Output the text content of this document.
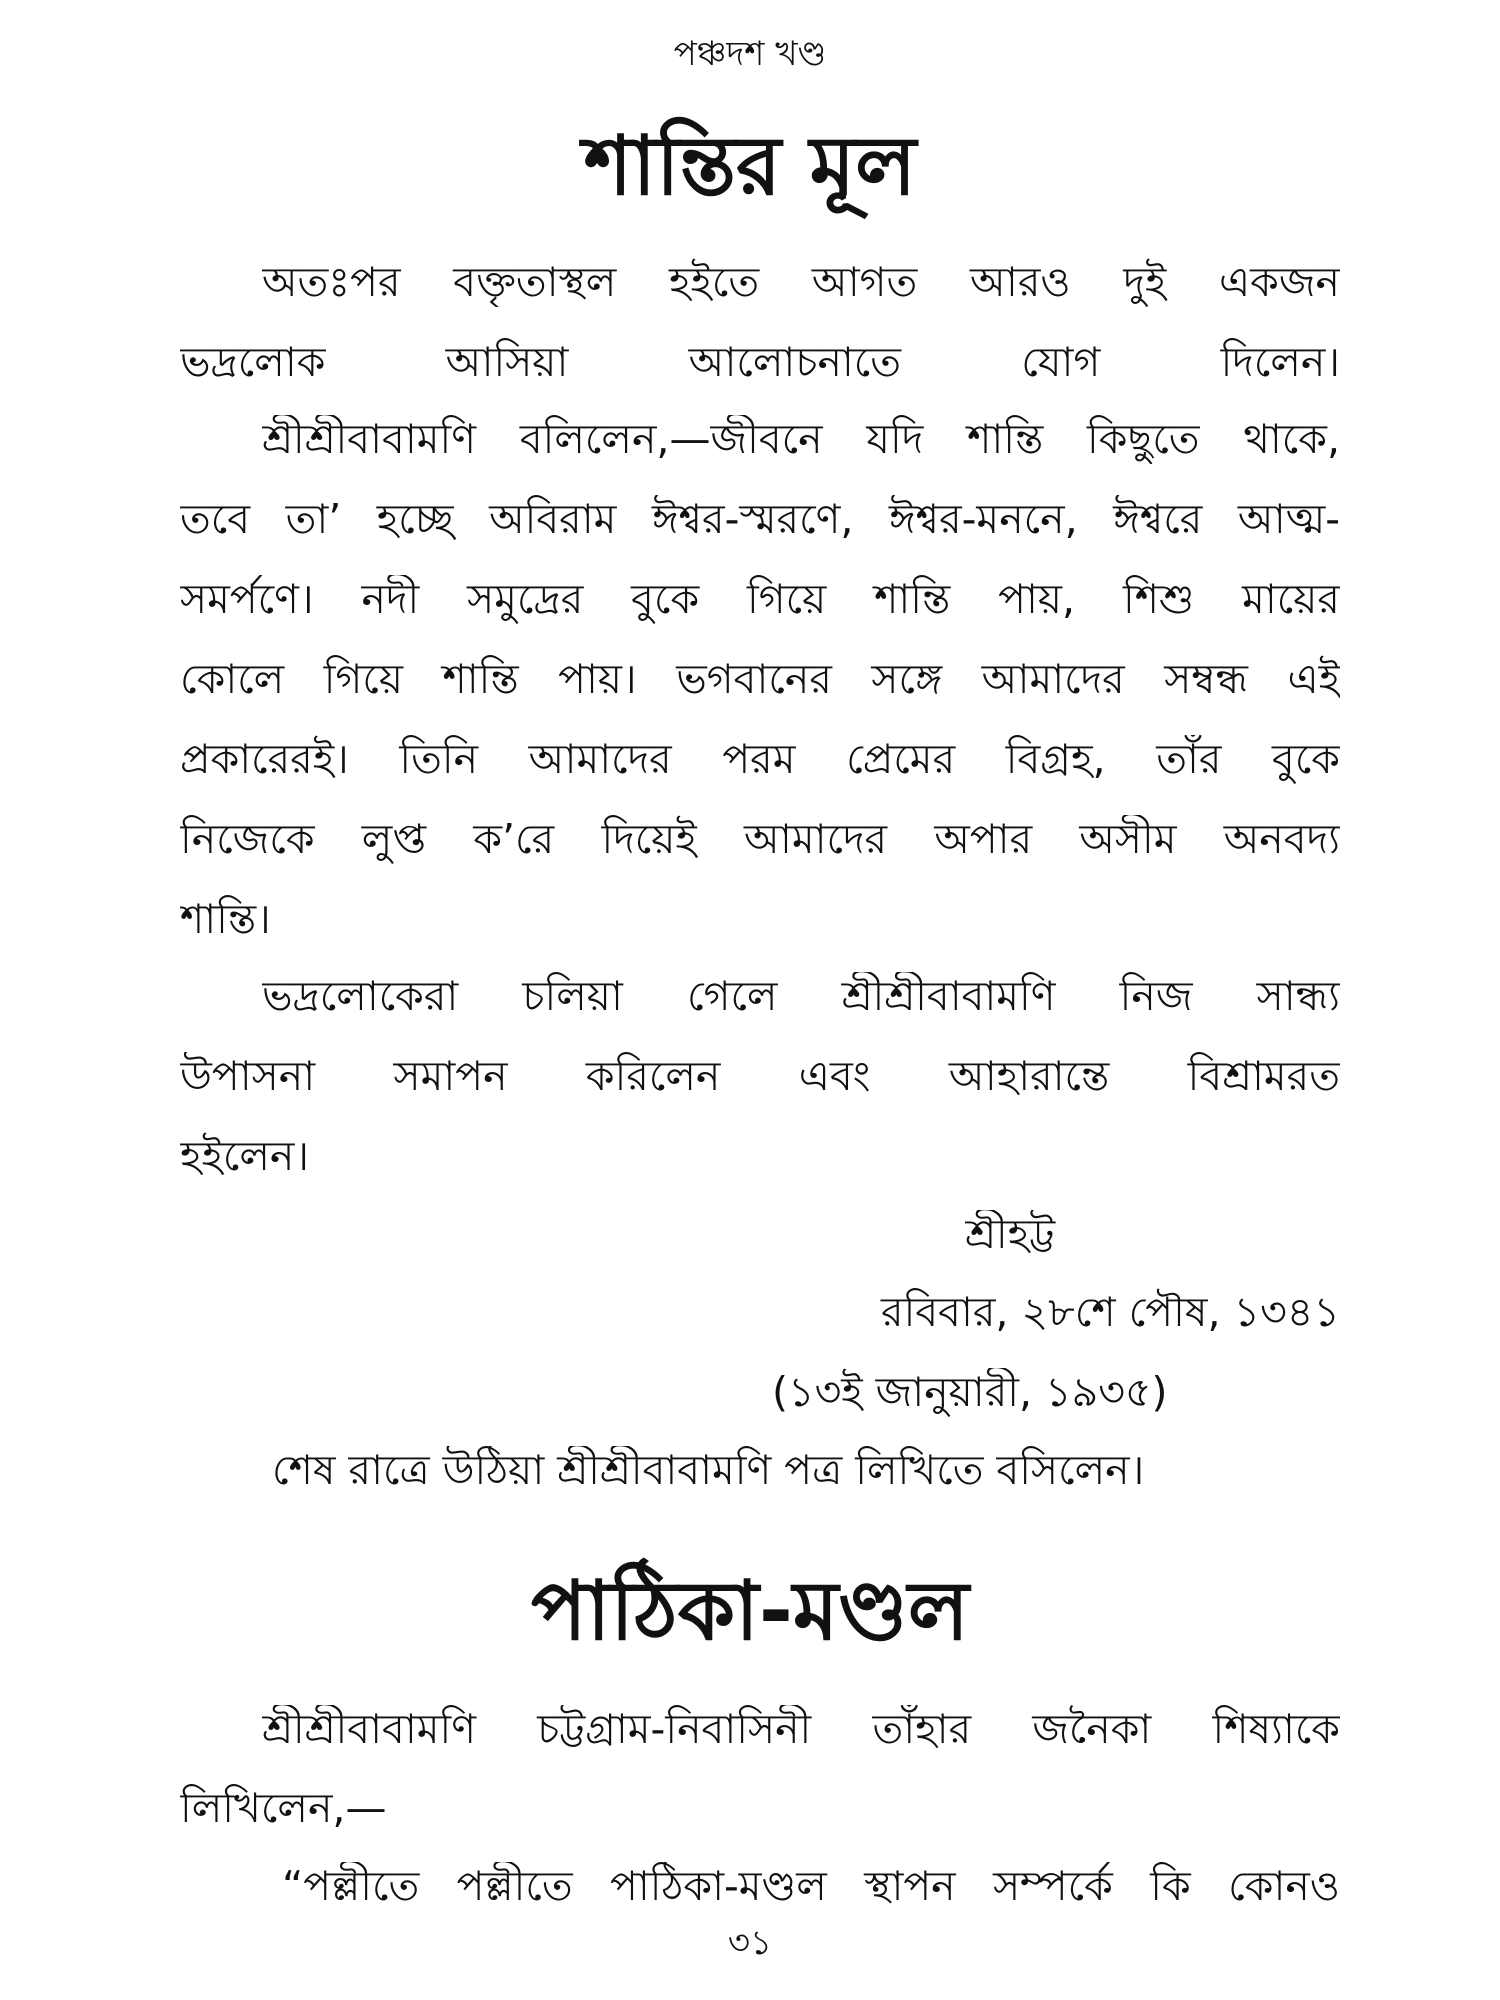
পঞ্চদশ খণ্ড
শান্তির মূল
অতঃপর বক্তৃতাস্থল হইতে আগত আরও দুই একজন
ভদ্রলোক আসিয়া আলোচনাতে যোগ দিলেন।
শ্রীশ্রীবাবামণি বলিলেন,—জীবনে যদি শান্তি কিছুতে থাকে,
তবে তা’ হচ্ছে অবিরাম ঈশ্বর-স্মরণে, ঈশ্বর-মননে, ঈশ্বরে আত্ম-
সমর্পণে। নদী সমুদ্রের বুকে গিয়ে শান্তি পায়, শিশু মায়ের
কোলে গিয়ে শান্তি পায়। ভগবানের সঙ্গে আমাদের সম্বন্ধ এই
প্রকারেরই। তিনি আমাদের পরম প্রেমের বিগ্রহ, তাঁর বুকে
নিজেকে লুপ্ত ক’রে দিয়েই আমাদের অপার অসীম অনবদ্য
শান্তি।
ভদ্রলোকেরা চলিয়া গেলে শ্রীশ্রীবাবামণি নিজ সান্ধ্য
উপাসনা সমাপন করিলেন এবং আহারান্তে বিশ্রামরত
হইলেন।
শ্রীহট্ট
রবিবার, ২৮শে পৌষ, ১৩৪১
(১৩ই জানুয়ারী, ১৯৩৫)
শেষ রাত্রে উঠিয়া শ্রীশ্রীবাবামণি পত্র লিখিতে বসিলেন।
পাঠিকা-মণ্ডল
শ্রীশ্রীবাবামণি চট্টগ্রাম-নিবাসিনী তাঁহার জনৈকা শিষ্যাকে
লিখিলেন,—
“পল্লীতে পল্লীতে পাঠিকা-মণ্ডল স্থাপন সম্পর্কে কি কোনও
৩১
